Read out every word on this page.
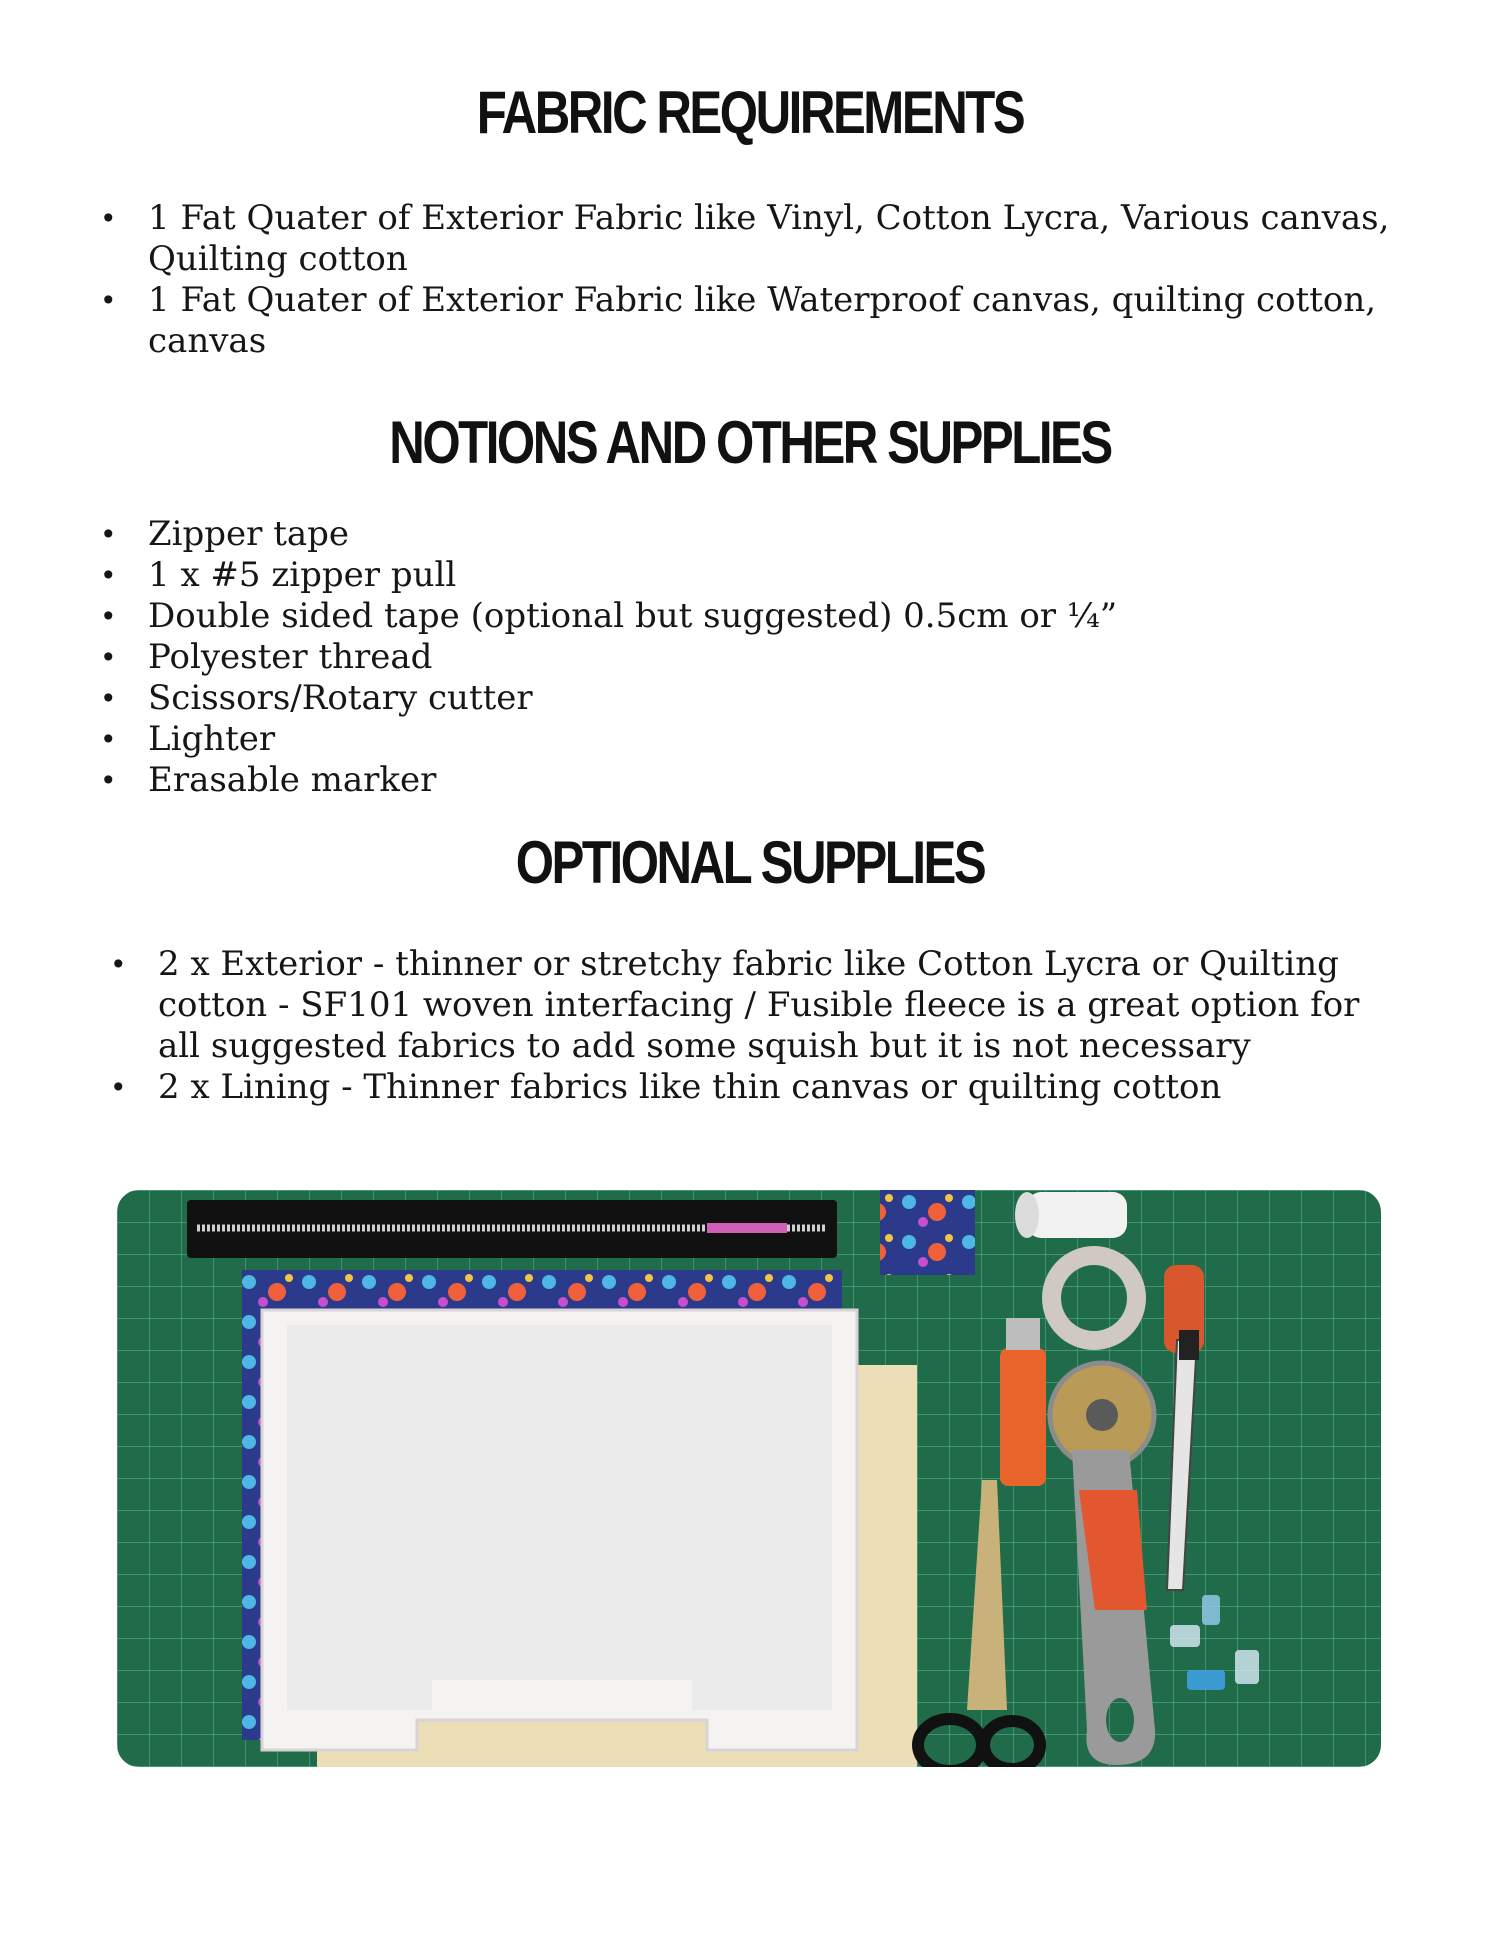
FABRIC REQUIREMENTS
• 1 Fat Quater of Exterior Fabric like Vinyl, Cotton Lycra, Various canvas, Quilting cotton
• 1 Fat Quater of Exterior Fabric like Waterproof canvas, quilting cotton, canvas
NOTIONS AND OTHER SUPPLIES
• Zipper tape
• 1 x #5 zipper pull
• Double sided tape (optional but suggested) 0.5cm or ¼”
• Polyester thread
• Scissors/Rotary cutter
• Lighter
• Erasable marker
OPTIONAL SUPPLIES
• 2 x Exterior - thinner or stretchy fabric like Cotton Lycra or Quilting cotton - SF101 woven interfacing / Fusible fleece is a great option for all suggested fabrics to add some squish but it is not necessary
• 2 x Lining - Thinner fabrics like thin canvas or quilting cotton
